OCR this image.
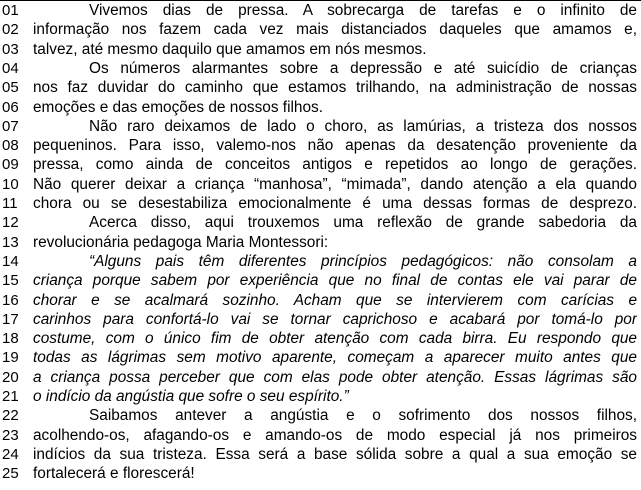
01	Vivemos dias de pressa. A sobrecarga de tarefas e o infinito de
02 informação nos fazem cada vez mais distanciados daqueles que amamos e,
03 talvez, até mesmo daquilo que amamos em nós mesmos.
04	Os números alarmantes sobre a depressão e até suicídio de crianças
05 nos faz duvidar do caminho que estamos trilhando, na administração de nossas
06 emoções e das emoções de nossos filhos.
07	Não raro deixamos de lado o choro, as lamúrias, a tristeza dos nossos
08 pequeninos. Para isso, valemo-nos não apenas da desatenção proveniente da
09 pressa, como ainda de conceitos antigos e repetidos ao longo de gerações.
10 Não querer deixar a criança “manhosa”, “mimada”, dando atenção a ela quando
11	chora ou se desestabiliza emocionalmente é uma dessas formas de desprezo.
12	Acerca disso, aqui trouxemos uma reflexão de grande sabedoria da
13 revolucionária pedagoga Maria Montessori:
14	“Alguns pais têm diferentes princípios pedagógicos: não consolam a
15 criança porque sabem por experiência que no final de contas ele vai parar de
16 chorar e se acalmará sozinho. Acham que se intervierem com carícias e
17 carinhos para confortá-lo vai se tornar caprichoso e acabará por tomá-lo por
18 costume, com o único fim de obter atenção com cada birra. Eu respondo que
19 todas as lágrimas sem motivo aparente, começam a aparecer muito antes que
20 a criança possa perceber que com elas pode obter atenção. Essas lágrimas são
21 o indício da angústia que sofre o seu espírito.”
22	Saibamos antever a angústia e o sofrimento dos nossos filhos,
23 acolhendo-os, afagando-os e amando-os de modo especial já nos primeiros
24 indícios da sua tristeza. Essa será a base sólida sobre a qual a sua emoção se
25 fortalecerá e florescerá!
